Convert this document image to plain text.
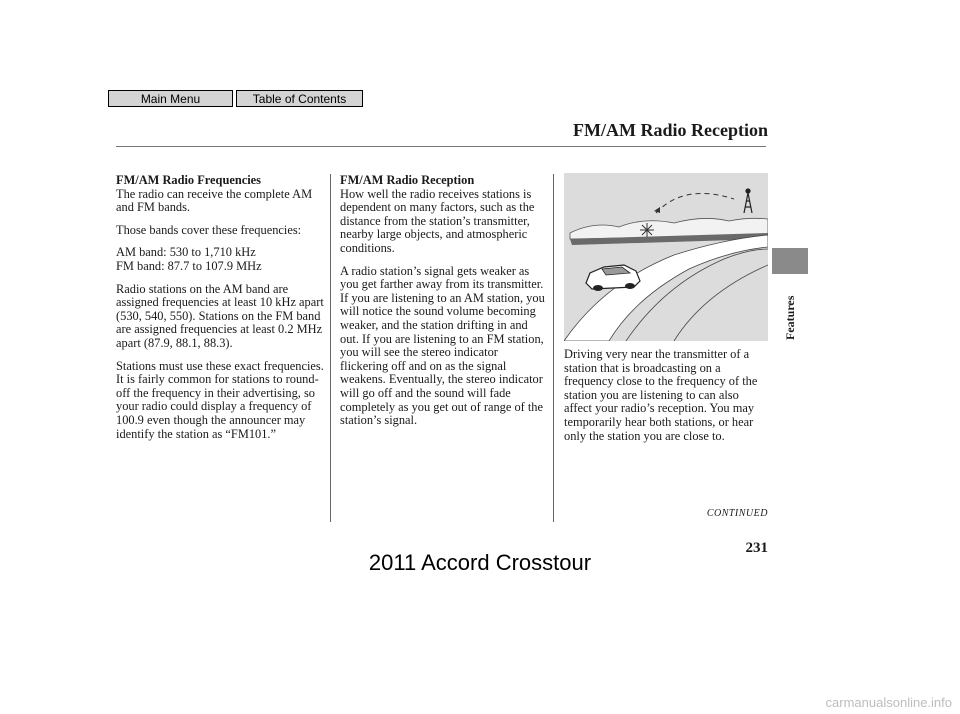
Main Menu	Table of Contents
FM/AM Radio Reception
FM/AM Radio Frequencies

The radio can receive the complete AM and FM bands.

Those bands cover these frequencies:

AM band: 530 to 1,710 kHz
FM band: 87.7 to 107.9 MHz

Radio stations on the AM band are assigned frequencies at least 10 kHz apart (530, 540, 550). Stations on the FM band are assigned frequencies at least 0.2 MHz apart (87.9, 88.1, 88.3).

Stations must use these exact frequencies. It is fairly common for stations to round-off the frequency in their advertising, so your radio could display a frequency of 100.9 even though the announcer may identify the station as “FM101.”

FM/AM Radio Reception

How well the radio receives stations is dependent on many factors, such as the distance from the station’s transmitter, nearby large objects, and atmospheric conditions.

A radio station’s signal gets weaker as you get farther away from its transmitter. If you are listening to an AM station, you will notice the sound volume becoming weaker, and the station drifting in and out. If you are listening to an FM station, you will see the stereo indicator flickering off and on as the signal weakens. Eventually, the stereo indicator will go off and the sound will fade completely as you get out of range of the station’s signal.

Driving very near the transmitter of a station that is broadcasting on a frequency close to the frequency of the station you are listening to can also affect your radio’s reception. You may temporarily hear both stations, or hear only the station you are close to.

CONTINUED
231
Features
2011 Accord Crosstour
carmanualsonline.info
